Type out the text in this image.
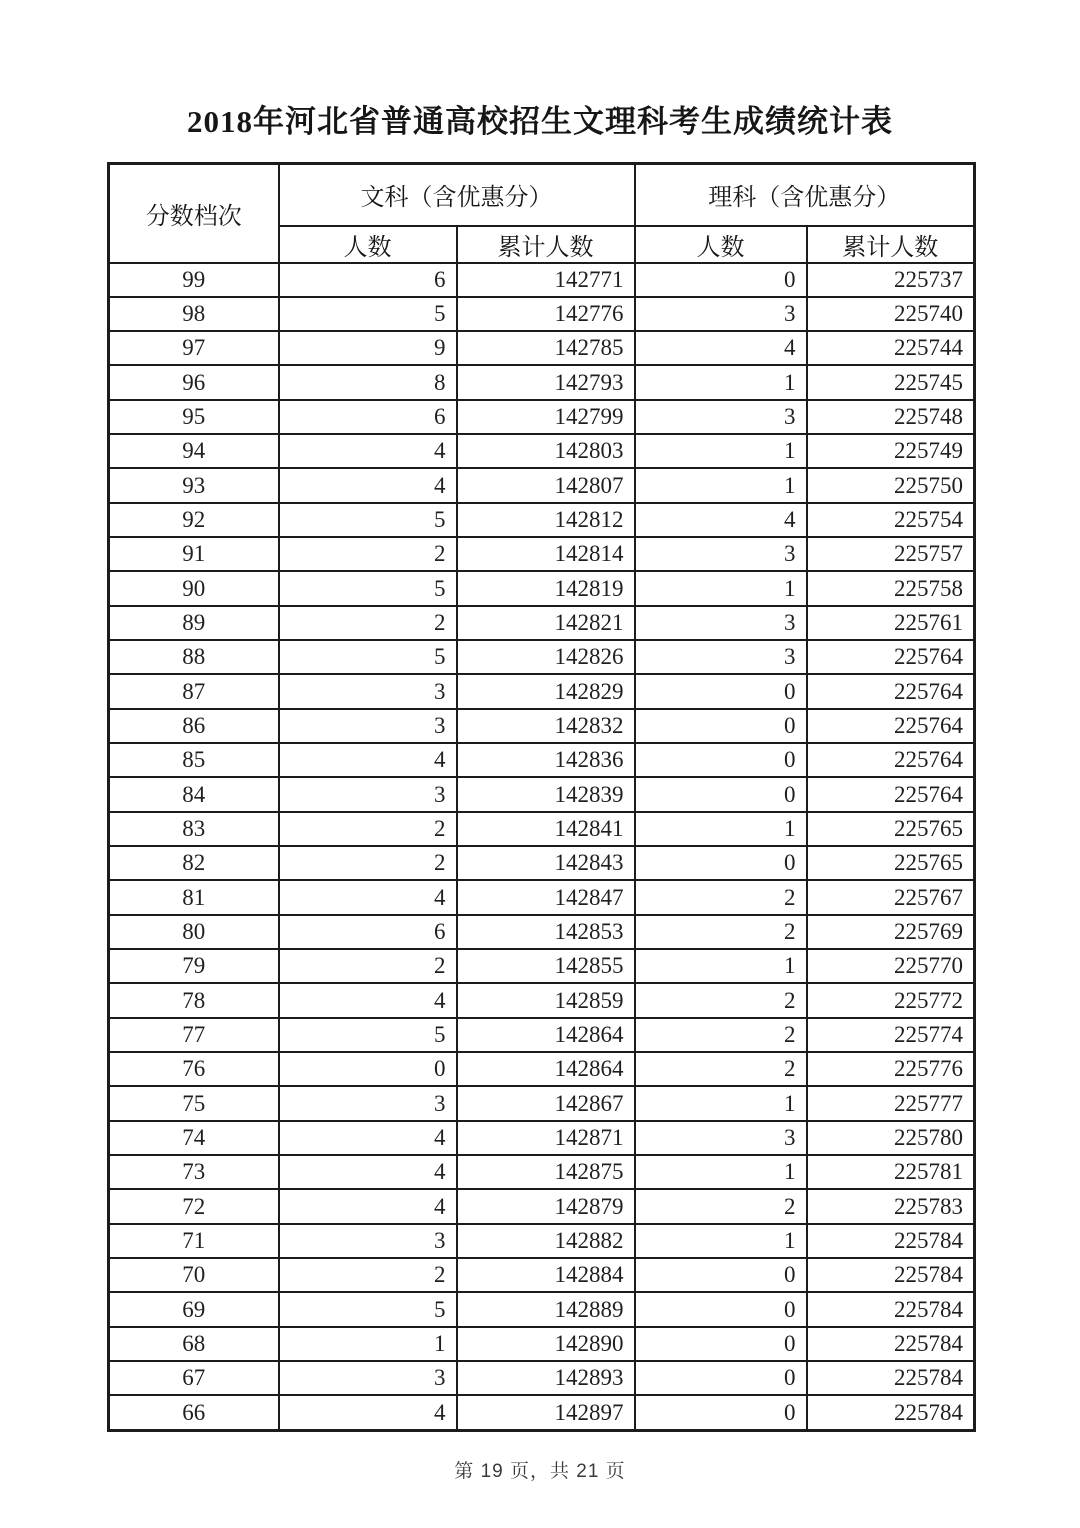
2018年河北省普通高校招生文理科考生成绩统计表
分数档次	文科（含优惠分）		理科（含优惠分）	
	人数	累计人数	人数	累计人数
99	6	142771	0	225737
98	5	142776	3	225740
97	9	142785	4	225744
96	8	142793	1	225745
95	6	142799	3	225748
94	4	142803	1	225749
93	4	142807	1	225750
92	5	142812	4	225754
91	2	142814	3	225757
90	5	142819	1	225758
89	2	142821	3	225761
88	5	142826	3	225764
87	3	142829	0	225764
86	3	142832	0	225764
85	4	142836	0	225764
84	3	142839	0	225764
83	2	142841	1	225765
82	2	142843	0	225765
81	4	142847	2	225767
80	6	142853	2	225769
79	2	142855	1	225770
78	4	142859	2	225772
77	5	142864	2	225774
76	0	142864	2	225776
75	3	142867	1	225777
74	4	142871	3	225780
73	4	142875	1	225781
72	4	142879	2	225783
71	3	142882	1	225784
70	2	142884	0	225784
69	5	142889	0	225784
68	1	142890	0	225784
67	3	142893	0	225784
66	4	142897	0	225784
第 19 页，共 21 页
